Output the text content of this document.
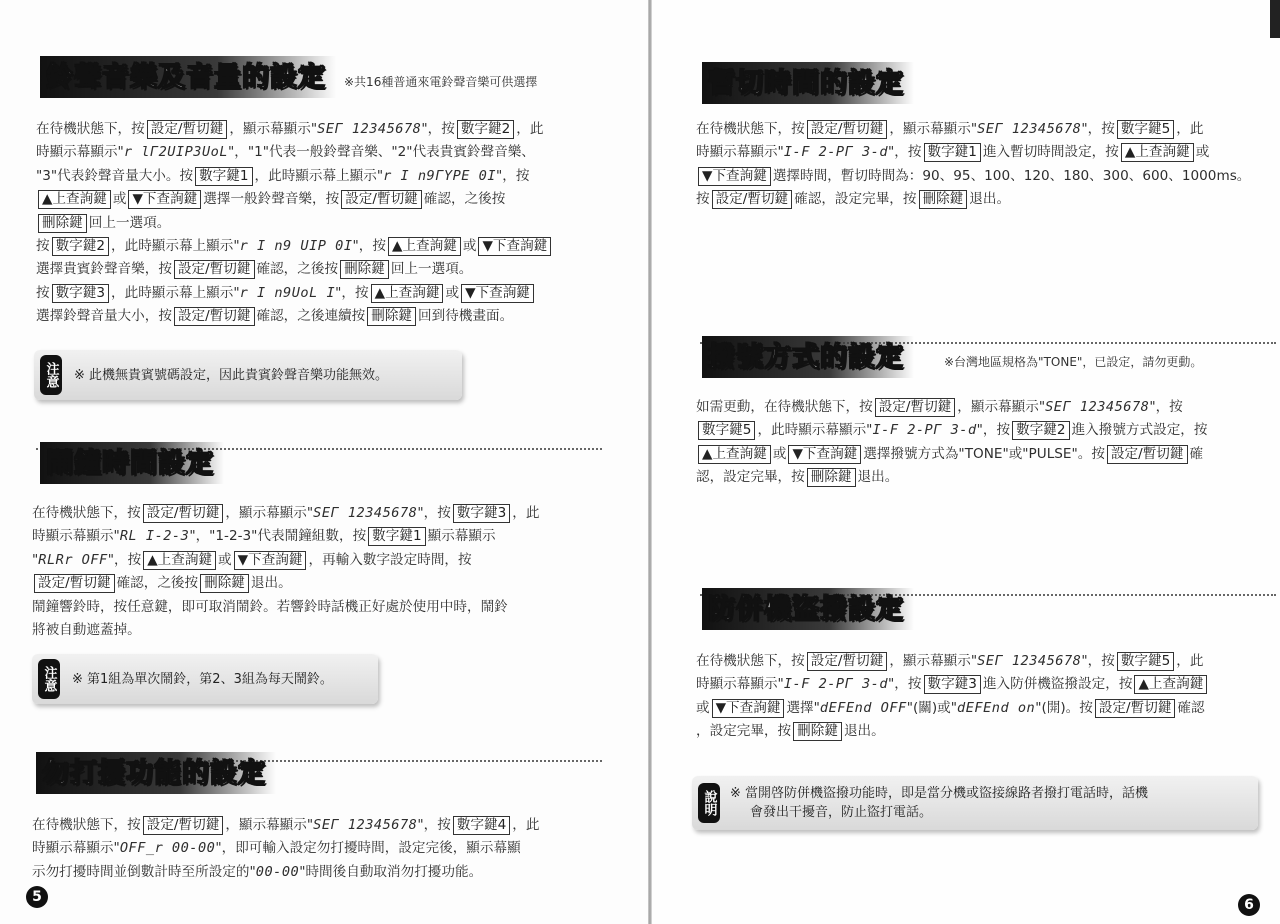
鈴聲音樂及音量的設定	※共16種普通來電鈴聲音樂可供選擇

在待機狀態下，按 設定/暫切鍵 ，顯示幕顯示"SEΓ 12345678"，按 數字鍵2 ，此

時顯示幕顯示"r lΓ2UIP3UoL"，"1"代表一般鈴聲音樂、"2"代表貴賓鈴聲音樂、

"3"代表鈴聲音量大小。按 數字鍵1 ，此時顯示幕上顯示"r I n9ΓYPE 0I"，按

▲上查詢鍵 或 ▼下查詢鍵 選擇一般鈴聲音樂，按 設定/暫切鍵 確認，之後按

刪除鍵 回上一選項。

按 數字鍵2 ，此時顯示幕上顯示"r I n9 UIP 0I"，按 ▲上查詢鍵 或 ▼下查詢鍵

選擇貴賓鈴聲音樂，按 設定/暫切鍵 確認，之後按 刪除鍵 回上一選項。

按 數字鍵3 ，此時顯示幕上顯示"r I n9UoL I"，按 ▲上查詢鍵 或 ▼下查詢鍵

選擇鈴聲音量大小，按 設定/暫切鍵 確認，之後連續按 刪除鍵 回到待機畫面。

注意 ※ 此機無貴賓號碼設定，因此貴賓鈴聲音樂功能無效。
鬧鐘時間設定

在待機狀態下，按 設定/暫切鍵 ，顯示幕顯示"SEΓ 12345678"，按 數字鍵3 ，此

時顯示幕顯示"RL I-2-3"，"1-2-3"代表鬧鐘組數，按 數字鍵1 顯示幕顯示

"RLRr OFF"，按 ▲上查詢鍵 或 ▼下查詢鍵 ，再輸入數字設定時間，按

設定/暫切鍵 確認，之後按 刪除鍵 退出。

鬧鐘響鈴時，按任意鍵，即可取消鬧鈴。若響鈴時話機正好處於使用中時，鬧鈴

將被自動遮蓋掉。

注意 ※ 第1組為單次鬧鈴，第2、3組為每天鬧鈴。
勿打擾功能的設定

在待機狀態下，按 設定/暫切鍵 ，顯示幕顯示"SEΓ 12345678"，按 數字鍵4 ，此

時顯示幕顯示"OFF_r 00-00"，即可輸入設定勿打擾時間，設定完後，顯示幕顯

示勿打擾時間並倒數計時至所設定的"00-00"時間後自動取消勿打擾功能。

5
暫切時間的設定

在待機狀態下，按 設定/暫切鍵 ，顯示幕顯示"SEΓ 12345678"，按 數字鍵5 ，此

時顯示幕顯示"I-F 2-PΓ 3-d"，按 數字鍵1 進入暫切時間設定，按 ▲上查詢鍵 或

▼下查詢鍵 選擇時間，暫切時間為：90、95、100、120、180、300、600、1000ms。

按 設定/暫切鍵 確認，設定完畢，按 刪除鍵 退出。

撥號方式的設定	※台灣地區規格為"TONE"，已設定，請勿更動。

如需更動，在待機狀態下，按 設定/暫切鍵 ，顯示幕顯示"SEΓ 12345678"，按

數字鍵5 ，此時顯示幕顯示"I-F 2-PΓ 3-d"，按 數字鍵2 進入撥號方式設定，按

▲上查詢鍵 或 ▼下查詢鍵 選擇撥號方式為"TONE"或"PULSE"。按 設定/暫切鍵 確

認，設定完畢，按 刪除鍵 退出。

防併機盜撥設定

在待機狀態下，按 設定/暫切鍵 ，顯示幕顯示"SEΓ 12345678"，按 數字鍵5 ，此

時顯示幕顯示"I-F 2-PΓ 3-d"，按 數字鍵3 進入防併機盜撥設定，按 ▲上查詢鍵

或 ▼下查詢鍵 選擇"dEFEnd OFF"(關)或"dEFEnd on"(開)。按 設定/暫切鍵 確認

，設定完畢，按 刪除鍵 退出。

說明 ※ 當開啓防併機盜撥功能時，即是當分機或盜接線路者撥打電話時，話機
會發出干擾音，防止盜打電話。
6
